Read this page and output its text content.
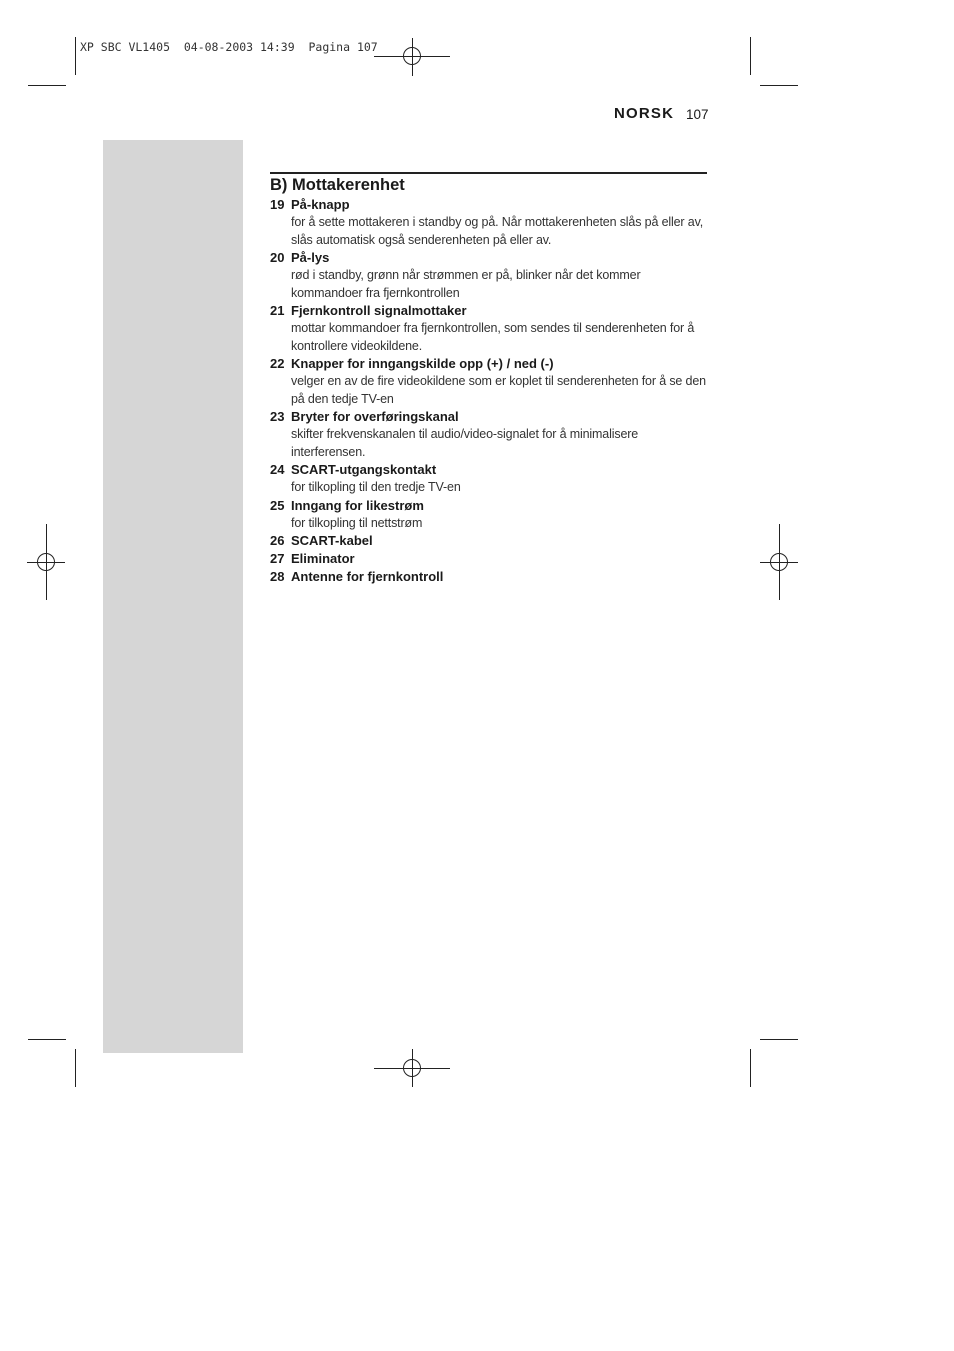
XP SBC VL1405  04-08-2003 14:39  Pagina 107
NORSK 107
B) Mottakerenhet
19 På-knapp
for å sette mottakeren i standby og på. Når mottakerenheten slås på eller av, slås automatisk også senderenheten på eller av.
20 På-lys
rød i standby, grønn når strømmen er på, blinker når det kommer kommandoer fra fjernkontrollen
21 Fjernkontroll signalmottaker
mottar kommandoer fra fjernkontrollen, som sendes til senderenheten for å kontrollere videokildene.
22 Knapper for inngangskilde opp (+) / ned (-)
velger en av de fire videokildene som er koplet til senderenheten for å se den på den tedje TV-en
23 Bryter for overføringskanal
skifter frekvenskanalen til audio/video-signalet for å minimalisere interferensen.
24 SCART-utgangskontakt
for tilkopling til den tredje TV-en
25 Inngang for likestrøm
for tilkopling til nettstrøm
26 SCART-kabel
27 Eliminator
28 Antenne for fjernkontroll
